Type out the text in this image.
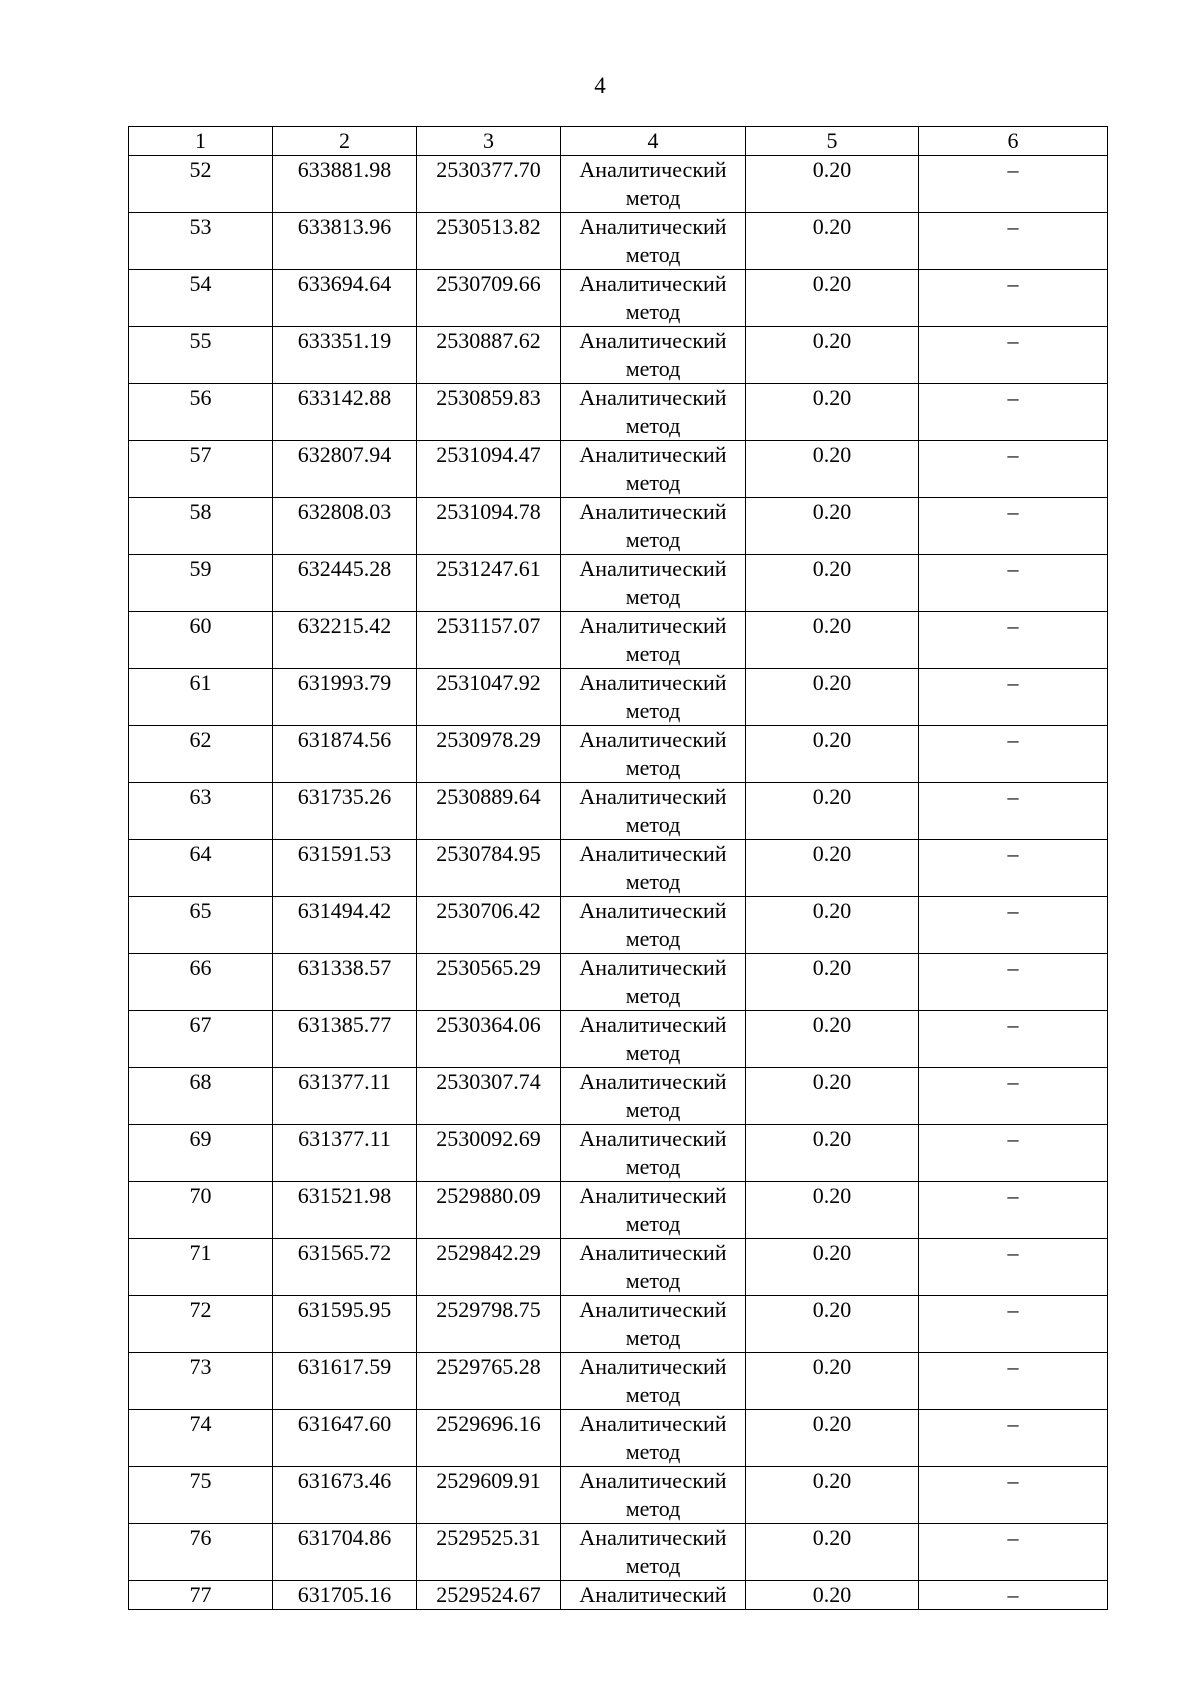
4
1	2	3	4	5	6
52	633881.98	2530377.70	Аналитический метод	0.20	–
53	633813.96	2530513.82	Аналитический метод	0.20	–
54	633694.64	2530709.66	Аналитический метод	0.20	–
55	633351.19	2530887.62	Аналитический метод	0.20	–
56	633142.88	2530859.83	Аналитический метод	0.20	–
57	632807.94	2531094.47	Аналитический метод	0.20	–
58	632808.03	2531094.78	Аналитический метод	0.20	–
59	632445.28	2531247.61	Аналитический метод	0.20	–
60	632215.42	2531157.07	Аналитический метод	0.20	–
61	631993.79	2531047.92	Аналитический метод	0.20	–
62	631874.56	2530978.29	Аналитический метод	0.20	–
63	631735.26	2530889.64	Аналитический метод	0.20	–
64	631591.53	2530784.95	Аналитический метод	0.20	–
65	631494.42	2530706.42	Аналитический метод	0.20	–
66	631338.57	2530565.29	Аналитический метод	0.20	–
67	631385.77	2530364.06	Аналитический метод	0.20	–
68	631377.11	2530307.74	Аналитический метод	0.20	–
69	631377.11	2530092.69	Аналитический метод	0.20	–
70	631521.98	2529880.09	Аналитический метод	0.20	–
71	631565.72	2529842.29	Аналитический метод	0.20	–
72	631595.95	2529798.75	Аналитический метод	0.20	–
73	631617.59	2529765.28	Аналитический метод	0.20	–
74	631647.60	2529696.16	Аналитический метод	0.20	–
75	631673.46	2529609.91	Аналитический метод	0.20	–
76	631704.86	2529525.31	Аналитический метод	0.20	–
77	631705.16	2529524.67	Аналитический	0.20	–
